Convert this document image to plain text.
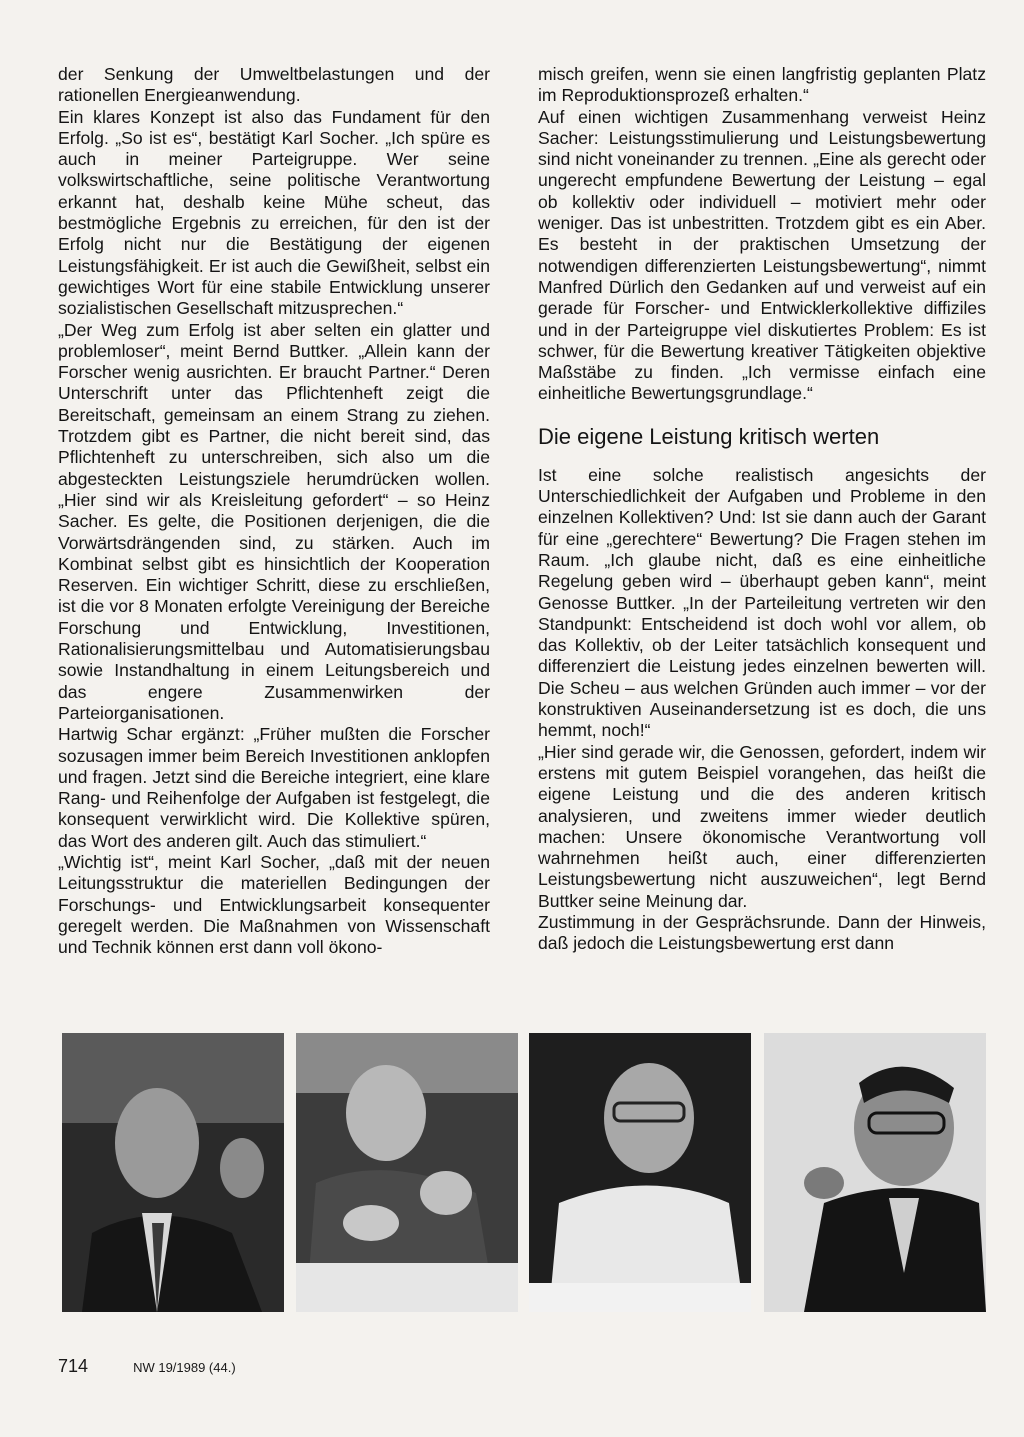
der Senkung der Umweltbelastungen und der rationellen Energieanwendung.

Ein klares Konzept ist also das Fundament für den Erfolg. „So ist es“, bestätigt Karl Socher. „Ich spüre es auch in meiner Parteigruppe. Wer seine volkswirtschaftliche, seine politische Verantwortung erkannt hat, deshalb keine Mühe scheut, das bestmögliche Ergebnis zu erreichen, für den ist der Erfolg nicht nur die Bestätigung der eigenen Leistungsfähigkeit. Er ist auch die Gewißheit, selbst ein gewichtiges Wort für eine stabile Entwicklung unserer sozialistischen Gesellschaft mitzusprechen.“

„Der Weg zum Erfolg ist aber selten ein glatter und problemloser“, meint Bernd Buttker. „Allein kann der Forscher wenig ausrichten. Er braucht Partner.“ Deren Unterschrift unter das Pflichtenheft zeigt die Bereitschaft, gemeinsam an einem Strang zu ziehen. Trotzdem gibt es Partner, die nicht bereit sind, das Pflichtenheft zu unterschreiben, sich also um die abgesteckten Leistungsziele herumdrücken wollen. „Hier sind wir als Kreisleitung gefordert“ – so Heinz Sacher. Es gelte, die Positionen derjenigen, die die Vorwärtsdrängenden sind, zu stärken. Auch im Kombinat selbst gibt es hinsichtlich der Kooperation Reserven. Ein wichtiger Schritt, diese zu erschließen, ist die vor 8 Monaten erfolgte Vereinigung der Bereiche Forschung und Entwicklung, Investitionen, Rationalisierungsmittelbau und Automatisierungsbau sowie Instandhaltung in einem Leitungsbereich und das engere Zusammenwirken der Parteiorganisationen.

Hartwig Schar ergänzt: „Früher mußten die Forscher sozusagen immer beim Bereich Investitionen anklopfen und fragen. Jetzt sind die Bereiche integriert, eine klare Rang- und Reihenfolge der Aufgaben ist festgelegt, die konsequent verwirklicht wird. Die Kollektive spüren, das Wort des anderen gilt. Auch das stimuliert.“

„Wichtig ist“, meint Karl Socher, „daß mit der neuen Leitungsstruktur die materiellen Bedingungen der Forschungs- und Entwicklungsarbeit konsequenter geregelt werden. Die Maßnahmen von Wissenschaft und Technik können erst dann voll ökono-

misch greifen, wenn sie einen langfristig geplanten Platz im Reproduktionsprozeß erhalten.“

Auf einen wichtigen Zusammenhang verweist Heinz Sacher: Leistungsstimulierung und Leistungsbewertung sind nicht voneinander zu trennen. „Eine als gerecht oder ungerecht empfundene Bewertung der Leistung – egal ob kollektiv oder individuell – motiviert mehr oder weniger. Das ist unbestritten. Trotzdem gibt es ein Aber. Es besteht in der praktischen Umsetzung der notwendigen differenzierten Leistungsbewertung“, nimmt Manfred Dürlich den Gedanken auf und verweist auf ein gerade für Forscher- und Entwicklerkollektive diffiziles und in der Parteigruppe viel diskutiertes Problem: Es ist schwer, für die Bewertung kreativer Tätigkeiten objektive Maßstäbe zu finden. „Ich vermisse einfach eine einheitliche Bewertungsgrundlage.“

Die eigene Leistung kritisch werten

Ist eine solche realistisch angesichts der Unterschiedlichkeit der Aufgaben und Probleme in den einzelnen Kollektiven? Und: Ist sie dann auch der Garant für eine „gerechtere“ Bewertung? Die Fragen stehen im Raum. „Ich glaube nicht, daß es eine einheitliche Regelung geben wird – überhaupt geben kann“, meint Genosse Buttker. „In der Parteileitung vertreten wir den Standpunkt: Entscheidend ist doch wohl vor allem, ob das Kollektiv, ob der Leiter tatsächlich konsequent und differenziert die Leistung jedes einzelnen bewerten will. Die Scheu – aus welchen Gründen auch immer – vor der konstruktiven Auseinandersetzung ist es doch, die uns hemmt, noch!“

„Hier sind gerade wir, die Genossen, gefordert, indem wir erstens mit gutem Beispiel vorangehen, das heißt die eigene Leistung und die des anderen kritisch analysieren, und zweitens immer wieder deutlich machen: Unsere ökonomische Verantwortung voll wahrnehmen heißt auch, einer differenzierten Leistungsbewertung nicht auszuweichen“, legt Bernd Buttker seine Meinung dar.

Zustimmung in der Gesprächsrunde. Dann der Hinweis, daß jedoch die Leistungsbewertung erst dann

714	NW 19/1989 (44.)
